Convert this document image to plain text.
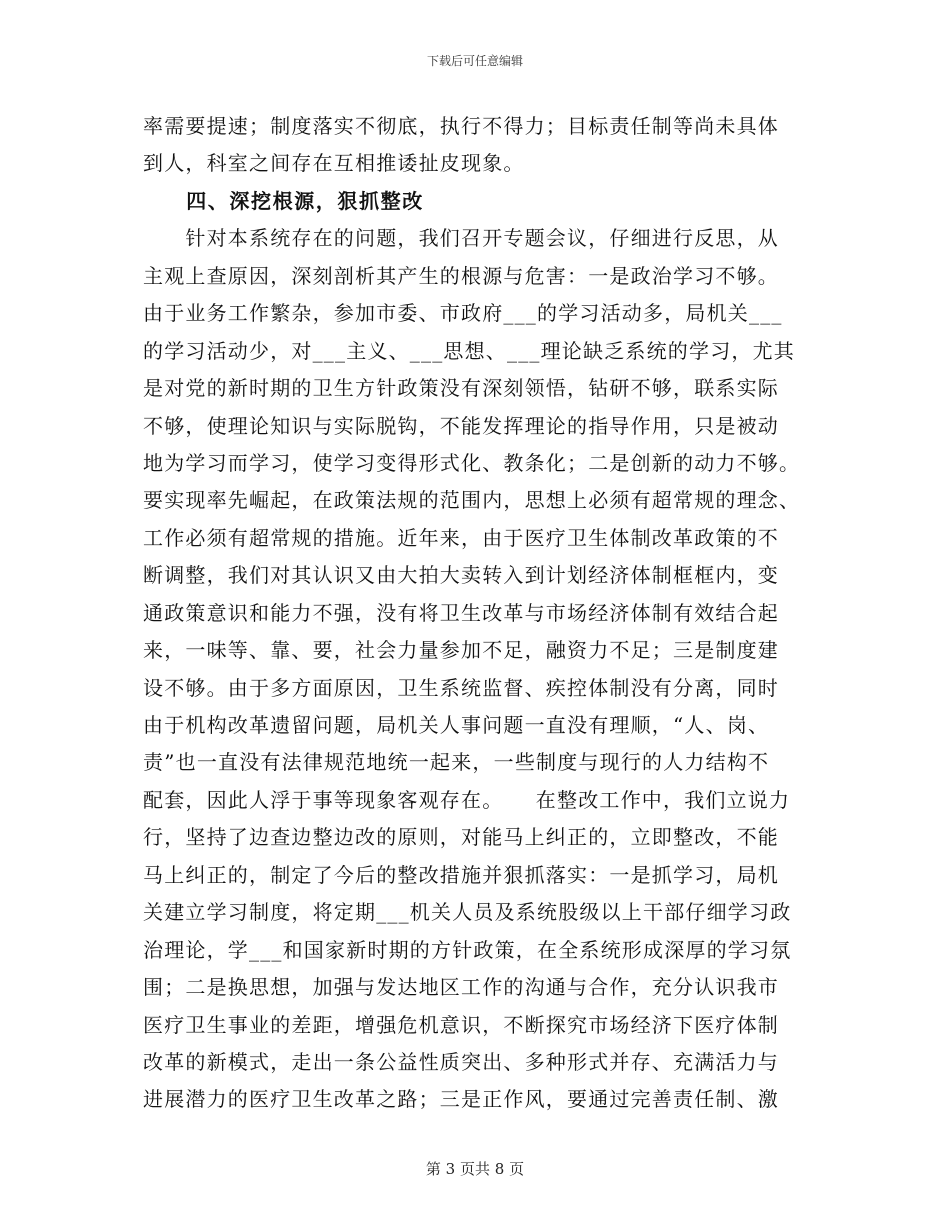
下载后可任意编辑
率需要提速；制度落实不彻底，执行不得力；目标责任制等尚未具体
到人，科室之间存在互相推诿扯皮现象。
　　四、深挖根源，狠抓整改
　　针对本系统存在的问题，我们召开专题会议，仔细进行反思，从
主观上查原因，深刻剖析其产生的根源与危害：一是政治学习不够。
由于业务工作繁杂，参加市委、市政府___的学习活动多，局机关___
的学习活动少，对___主义、___思想、___理论缺乏系统的学习，尤其
是对党的新时期的卫生方针政策没有深刻领悟，钻研不够，联系实际
不够，使理论知识与实际脱钩，不能发挥理论的指导作用，只是被动
地为学习而学习，使学习变得形式化、教条化；二是创新的动力不够。
要实现率先崛起，在政策法规的范围内，思想上必须有超常规的理念、
工作必须有超常规的措施。近年来，由于医疗卫生体制改革政策的不
断调整，我们对其认识又由大拍大卖转入到计划经济体制框框内，变
通政策意识和能力不强，没有将卫生改革与市场经济体制有效结合起
来，一味等、靠、要，社会力量参加不足，融资力不足；三是制度建
设不够。由于多方面原因，卫生系统监督、疾控体制没有分离，同时
由于机构改革遗留问题，局机关人事问题一直没有理顺，“人、岗、
责”也一直没有法律规范地统一起来，一些制度与现行的人力结构不
配套，因此人浮于事等现象客观存在。　　在整改工作中，我们立说力
行，坚持了边查边整边改的原则，对能马上纠正的，立即整改，不能
马上纠正的，制定了今后的整改措施并狠抓落实：一是抓学习，局机
关建立学习制度，将定期___机关人员及系统股级以上干部仔细学习政
治理论，学___和国家新时期的方针政策，在全系统形成深厚的学习氛
围；二是换思想，加强与发达地区工作的沟通与合作，充分认识我市
医疗卫生事业的差距，增强危机意识，不断探究市场经济下医疗体制
改革的新模式，走出一条公益性质突出、多种形式并存、充满活力与
进展潜力的医疗卫生改革之路；三是正作风，要通过完善责任制、激
第 3 页共 8 页
